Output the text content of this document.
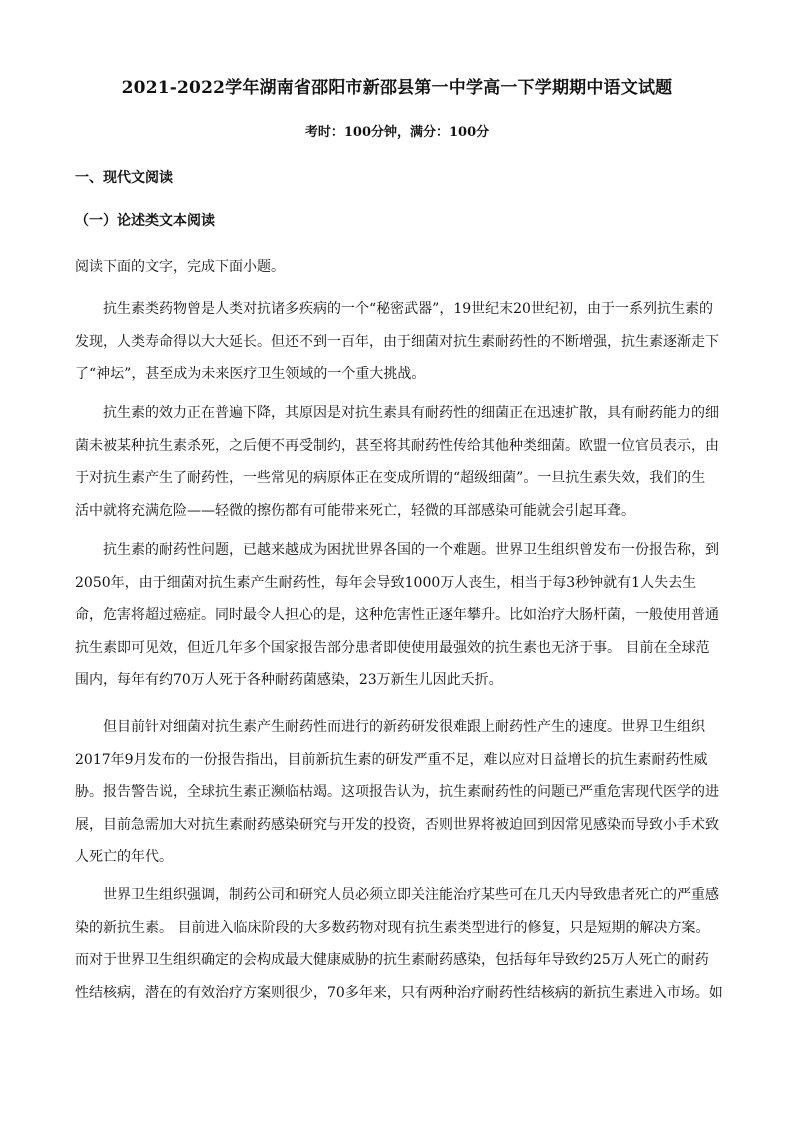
2021-2022学年湖南省邵阳市新邵县第一中学高一下学期期中语文试题
考时：100分钟，满分：100分
一、现代文阅读
（一）论述类文本阅读
阅读下面的文字，完成下面小题。
抗生素类药物曾是人类对抗诸多疾病的一个“秘密武器”，19世纪末20世纪初，由于一系列抗生素的
发现，人类寿命得以大大延长。但还不到一百年，由于细菌对抗生素耐药性的不断增强，抗生素逐渐走下
了“神坛”，甚至成为未来医疗卫生领域的一个重大挑战。
抗生素的效力正在普遍下降，其原因是对抗生素具有耐药性的细菌正在迅速扩散，具有耐药能力的细
菌未被某种抗生素杀死，之后便不再受制约，甚至将其耐药性传给其他种类细菌。欧盟一位官员表示，由
于对抗生素产生了耐药性，一些常见的病原体正在变成所谓的“超级细菌”。一旦抗生素失效，我们的生
活中就将充满危险——轻微的擦伤都有可能带来死亡，轻微的耳部感染可能就会引起耳聋。
抗生素的耐药性问题，已越来越成为困扰世界各国的一个难题。世界卫生组织曾发布一份报告称，到
2050年，由于细菌对抗生素产生耐药性，每年会导致1000万人丧生，相当于每3秒钟就有1人失去生
命，危害将超过癌症。同时最令人担心的是，这种危害性正逐年攀升。比如治疗大肠杆菌，一般使用普通
抗生素即可见效，但近几年多个国家报告部分患者即使使用最强效的抗生素也无济于事。 目前在全球范
围内，每年有约70万人死于各种耐药菌感染，23万新生儿因此夭折。
但目前针对细菌对抗生素产生耐药性而进行的新药研发很难跟上耐药性产生的速度。世界卫生组织
2017年9月发布的一份报告指出，目前新抗生素的研发严重不足，难以应对日益增长的抗生素耐药性威
胁。报告警告说，全球抗生素正濒临枯竭。这项报告认为，抗生素耐药性的问题已严重危害现代医学的进
展，目前急需加大对抗生素耐药感染研究与开发的投资，否则世界将被迫回到因常见感染而导致小手术致
人死亡的年代。
世界卫生组织强调，制药公司和研究人员必须立即关注能治疗某些可在几天内导致患者死亡的严重感
染的新抗生素。 目前进入临床阶段的大多数药物对现有抗生素类型进行的修复，只是短期的解决方案。
而对于世界卫生组织确定的会构成最大健康威胁的抗生素耐药感染，包括每年导致约25万人死亡的耐药
性结核病，潜在的有效治疗方案则很少，70多年来，只有两种治疗耐药性结核病的新抗生素进入市场。如
